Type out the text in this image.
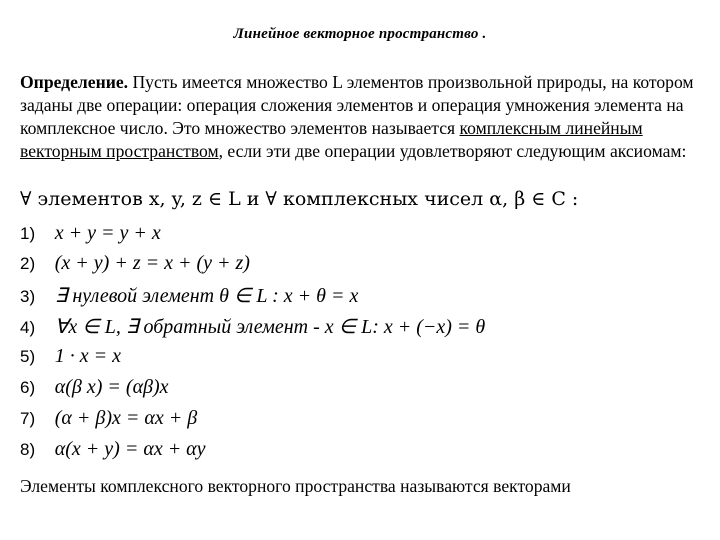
Линейное векторное пространство .
Определение. Пусть имеется множество L элементов произвольной природы, на котором заданы две операции: операция сложения элементов и операция умножения элемента на комплексное число. Это множество элементов называется комплексным линейным векторным пространством, если эти две операции удовлетворяют следующим аксиомам:
∀ элементов x, y, z ∈ L и ∀ комплексных чисел α, β ∈ C :
1) x + y = y + x
2) (x + y) + z = x + (y + z)
3) ∃ нулевой элемент θ ∈ L : x + θ = x
4) ∀x ∈ L, ∃ обратный элемент - x ∈ L: x + (−x) = θ
5) 1 · x = x
6) α(β x) = (αβ)x
7) (α + β)x = αx + β
8) α(x + y) = αx + αy
Элементы комплексного векторного пространства называются векторами
